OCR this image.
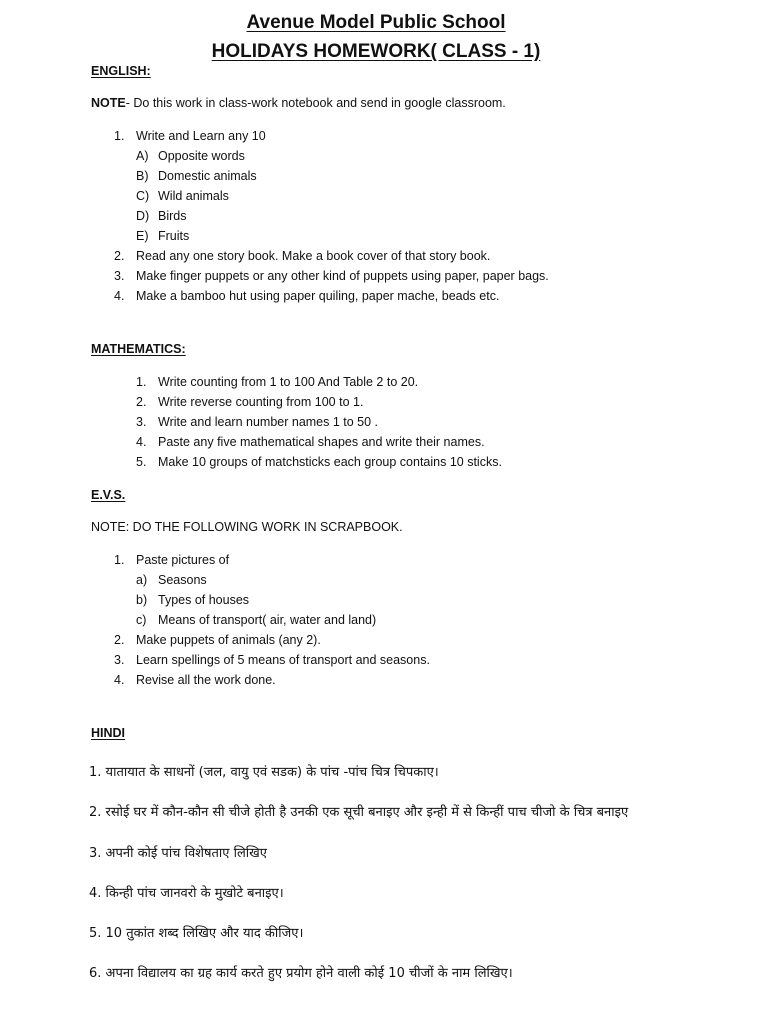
Avenue Model Public School
HOLIDAYS HOMEWORK( CLASS - 1)
ENGLISH:
NOTE- Do this work in class-work notebook and send in google classroom.
1. Write and Learn any 10
A) Opposite words
B) Domestic animals
C) Wild animals
D) Birds
E) Fruits
2. Read any one story book. Make a book cover of that story book.
3. Make finger puppets or any other kind of puppets using paper, paper bags.
4. Make a bamboo hut using paper quiling, paper mache, beads etc.
MATHEMATICS:
1. Write counting from 1 to 100 And Table 2 to 20.
2. Write reverse counting from 100 to 1.
3. Write and learn number names 1 to 50 .
4. Paste any five mathematical shapes and write their names.
5. Make 10 groups of matchsticks each group contains 10 sticks.
E.V.S.
NOTE: DO THE FOLLOWING WORK IN SCRAPBOOK.
1. Paste pictures of
a) Seasons
b) Types of houses
c) Means of transport( air, water and land)
2. Make puppets of animals (any 2).
3. Learn spellings of 5 means of transport and seasons.
4. Revise all the work done.
HINDI
1. यातायात के साधनों (जल, वायु एवं सडक) के पांच -पांच चित्र चिपकाए।
2. रसोई घर में कौन-कौन सी चीजे होती है उनकी एक सूची बनाइए और इन्ही में से किन्हीं पाच चीजो के चित्र बनाइए
3. अपनी कोई पांच विशेषताए लिखिए
4. किन्ही पांच जानवरो के मुखोटे बनाइए।
5. 10 तुकांत शब्द लिखिए और याद कीजिए।
6. अपना विद्यालय का ग्रह कार्य करते हुए प्रयोग होने वाली कोई 10 चीजों के नाम लिखिए।
